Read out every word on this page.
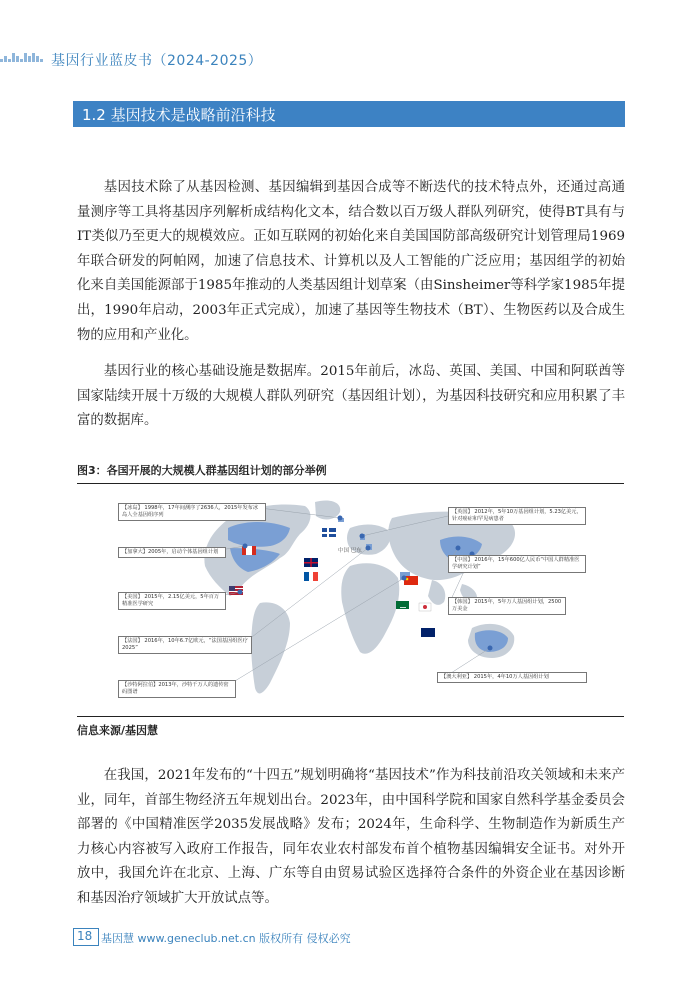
基因行业蓝皮书（2024-2025）
1.2 基因技术是战略前沿科技

基因技术除了从基因检测、基因编辑到基因合成等不断迭代的技术特点外，还通过高通量测序等工具将基因序列解析成结构化文本，结合数以百万级人群队列研究，使得BT具有与IT类似乃至更大的规模效应。正如互联网的初始化来自美国国防部高级研究计划管理局1969年联合研发的阿帕网，加速了信息技术、计算机以及人工智能的广泛应用；基因组学的初始化来自美国能源部于1985年推动的人类基因组计划草案（由Sinsheimer等科学家1985年提出，1990年启动，2003年正式完成），加速了基因等生物技术（BT）、生物医药以及合成生物的应用和产业化。

基因行业的核心基础设施是数据库。2015年前后，冰岛、英国、美国、中国和阿联酋等国家陆续开展十万级的大规模人群队列研究（基因组计划），为基因科技研究和应用积累了丰富的数据库。

图3：各国开展的大规模人群基因组计划的部分举例
中国 巴东
【冰岛】 1998年，17年间测序了2636人，2015年发布冰岛人全基因组序列
【加拿大】2005年，启动个体基因组计划
【美国】 2015年，2.15亿美元，5年百万精准医学研究
【法国】 2016年，10年6.7亿欧元，“法国基因组医疗2025”
【沙特阿拉伯】2013年，沙特千万人的遗传密码图谱
【英国】 2012年，5年10万基因组计划，5.23亿美元，针对癌症和罕见病患者
【中国】 2016年，15年600亿人民币“中国人群精准医学研究计划”
【韩国】 2015年，5年万人基因组计划，2500万美金
【澳大利亚】 2015年，4年10万人基因组计划
信息来源/基因慧

在我国，2021年发布的“十四五”规划明确将“基因技术”作为科技前沿攻关领域和未来产业，同年，首部生物经济五年规划出台。2023年，由中国科学院和国家自然科学基金委员会部署的《中国精准医学2035发展战略》发布；2024年，生命科学、生物制造作为新质生产力核心内容被写入政府工作报告，同年农业农村部发布首个植物基因编辑安全证书。对外开放中，我国允许在北京、上海、广东等自由贸易试验区选择符合条件的外资企业在基因诊断和基因治疗领域扩大开放试点等。

18 基因慧 www.geneclub.net.cn 版权所有 侵权必究
